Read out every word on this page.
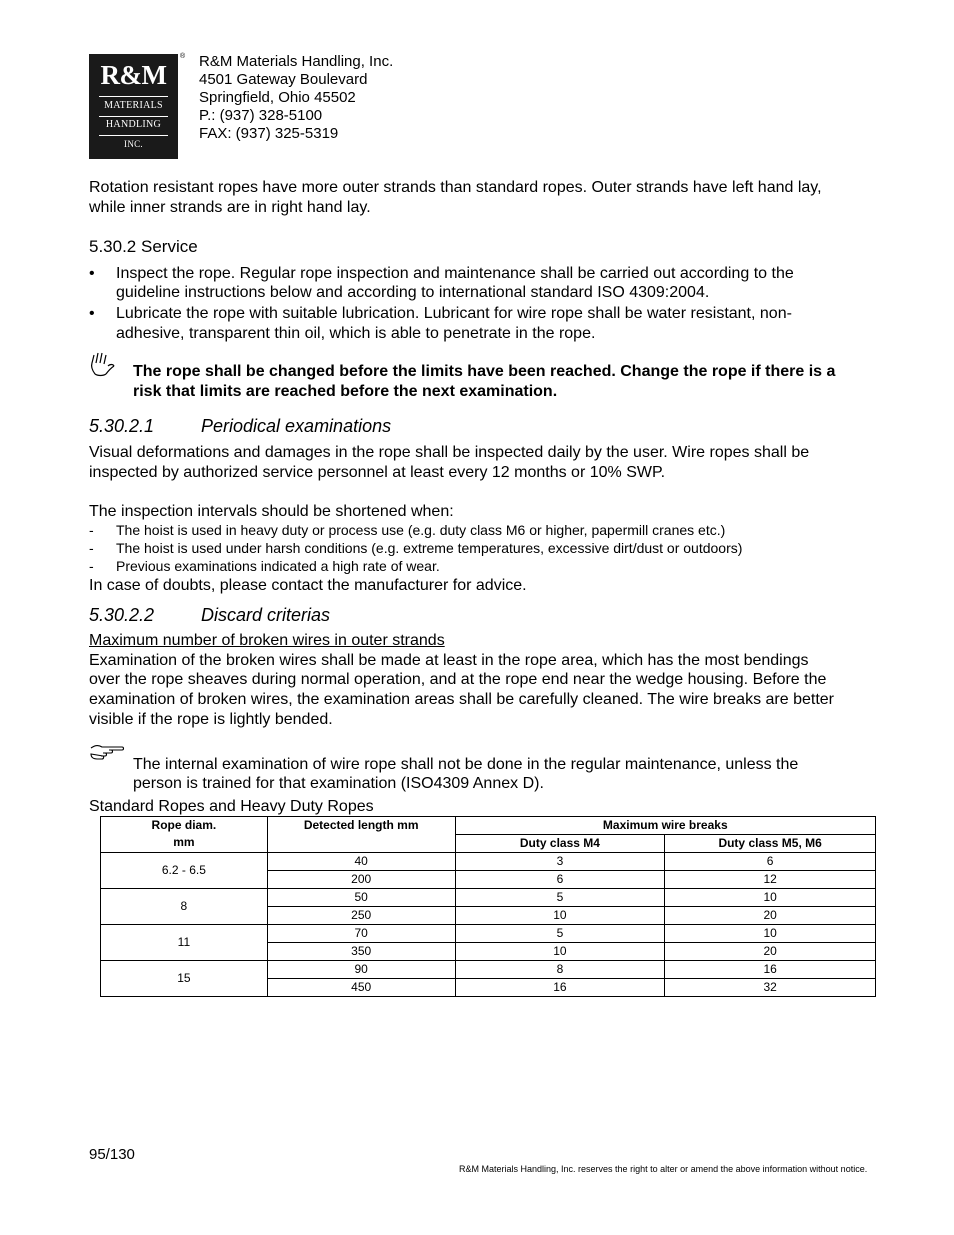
R&M
MATERIALS
HANDLING
INC.
® R&M Materials Handling, Inc.
4501 Gateway Boulevard
Springfield, Ohio 45502
P.: (937) 328-5100
FAX: (937) 325-5319
Rotation resistant ropes have more outer strands than standard ropes. Outer strands have left hand lay,
while inner strands are in right hand lay.
5.30.2 Service
• Inspect the rope. Regular rope inspection and maintenance shall be carried out according to the
guideline instructions below and according to international standard ISO 4309:2004.
• Lubricate the rope with suitable lubrication. Lubricant for wire rope shall be water resistant, non-
adhesive, transparent thin oil, which is able to penetrate in the rope.
The rope shall be changed before the limits have been reached. Change the rope if there is a
risk that limits are reached before the next examination.
5.30.2.1	Periodical examinations
Visual deformations and damages in the rope shall be inspected daily by the user. Wire ropes shall be
inspected by authorized service personnel at least every 12 months or 10% SWP.
The inspection intervals should be shortened when:
- The hoist is used in heavy duty or process use (e.g. duty class M6 or higher, papermill cranes etc.)
- The hoist is used under harsh conditions (e.g. extreme temperatures, excessive dirt/dust or outdoors)
- Previous examinations indicated a high rate of wear.
In case of doubts, please contact the manufacturer for advice.
5.30.2.2	Discard criterias
Maximum number of broken wires in outer strands
Examination of the broken wires shall be made at least in the rope area, which has the most bendings
over the rope sheaves during normal operation, and at the rope end near the wedge housing. Before the
examination of broken wires, the examination areas shall be carefully cleaned. The wire breaks are better
visible if the rope is lightly bended.
The internal examination of wire rope shall not be done in the regular maintenance, unless the
person is trained for that examination (ISO4309 Annex D).
Standard Ropes and Heavy Duty Ropes
Rope diam.
mm	Detected length mm	Maximum wire breaks	
		Duty class M4	Duty class M5, M6
6.2 - 6.5	40	3	6
	200	6	12
8	50	5	10
	250	10	20
11	70	5	10
	350	10	20
15	90	8	16
	450	16	32
95/130
R&M Materials Handling, Inc. reserves the right to alter or amend the above information without notice.
